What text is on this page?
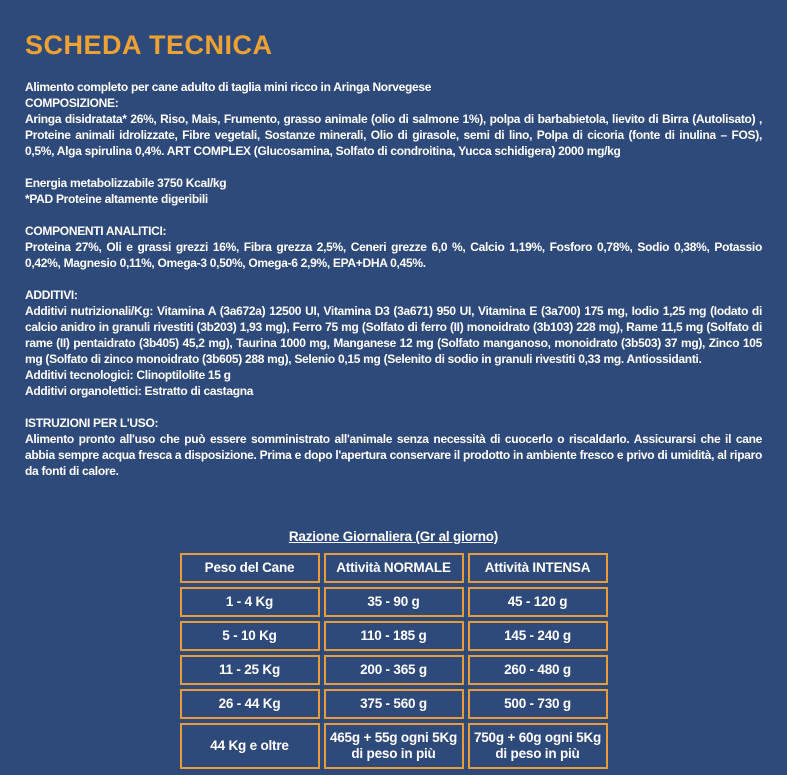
SCHEDA TECNICA

Alimento completo per cane adulto di taglia mini ricco in Aringa Norvegese

COMPOSIZIONE:

Aringa disidratata* 26%, Riso, Mais, Frumento, grasso animale (olio di salmone 1%), polpa di barbabietola, lievito di Birra (Autolisato) , Proteine animali idrolizzate, Fibre vegetali, Sostanze minerali, Olio di girasole, semi di lino, Polpa di cicoria (fonte di inulina – FOS), 0,5%, Alga spirulina 0,4%. ART COMPLEX (Glucosamina, Solfato di condroitina, Yucca schidigera) 2000 mg/kg

Energia metabolizzabile 3750 Kcal/kg

*PAD Proteine altamente digeribili

COMPONENTI ANALITICI:

Proteina 27%, Oli e grassi grezzi 16%, Fibra grezza 2,5%, Ceneri grezze 6,0 %, Calcio 1,19%, Fosforo 0,78%, Sodio 0,38%, Potassio 0,42%, Magnesio 0,11%, Omega-3 0,50%, Omega-6 2,9%, EPA+DHA 0,45%.

ADDITIVI:

Additivi nutrizionali/Kg: Vitamina A (3a672a) 12500 UI, Vitamina D3 (3a671) 950 UI, Vitamina E (3a700) 175 mg, Iodio 1,25 mg (Iodato di calcio anidro in granuli rivestiti (3b203) 1,93 mg), Ferro 75 mg (Solfato di ferro (II) monoidrato (3b103) 228 mg), Rame 11,5 mg (Solfato di rame (II) pentaidrato (3b405) 45,2 mg), Taurina 1000 mg, Manganese 12 mg (Solfato manganoso, monoidrato (3b503) 37 mg), Zinco 105 mg (Solfato di zinco monoidrato (3b605) 288 mg), Selenio 0,15 mg (Selenito di sodio in granuli rivestiti 0,33 mg. Antiossidanti.

Additivi tecnologici: Clinoptilolite 15 g

Additivi organolettici: Estratto di castagna

ISTRUZIONI PER L'USO:

Alimento pronto all'uso che può essere somministrato all'animale senza necessità di cuocerlo o riscaldarlo. Assicurarsi che il cane abbia sempre acqua fresca a disposizione. Prima e dopo l'apertura conservare il prodotto in ambiente fresco e privo di umidità, al riparo da fonti di calore.

Razione Giornaliera (Gr al giorno)

Peso del Cane	Attività NORMALE	Attività INTENSA
1 - 4 Kg	35 - 90 g	45 - 120 g
5 - 10 Kg	110 - 185 g	145 - 240 g
11 - 25 Kg	200 - 365 g	260 - 480 g
26 - 44 Kg	375 - 560 g	500 - 730 g
44 Kg e oltre	465g + 55g ogni 5Kg di peso in più	750g + 60g ogni 5Kg di peso in più
